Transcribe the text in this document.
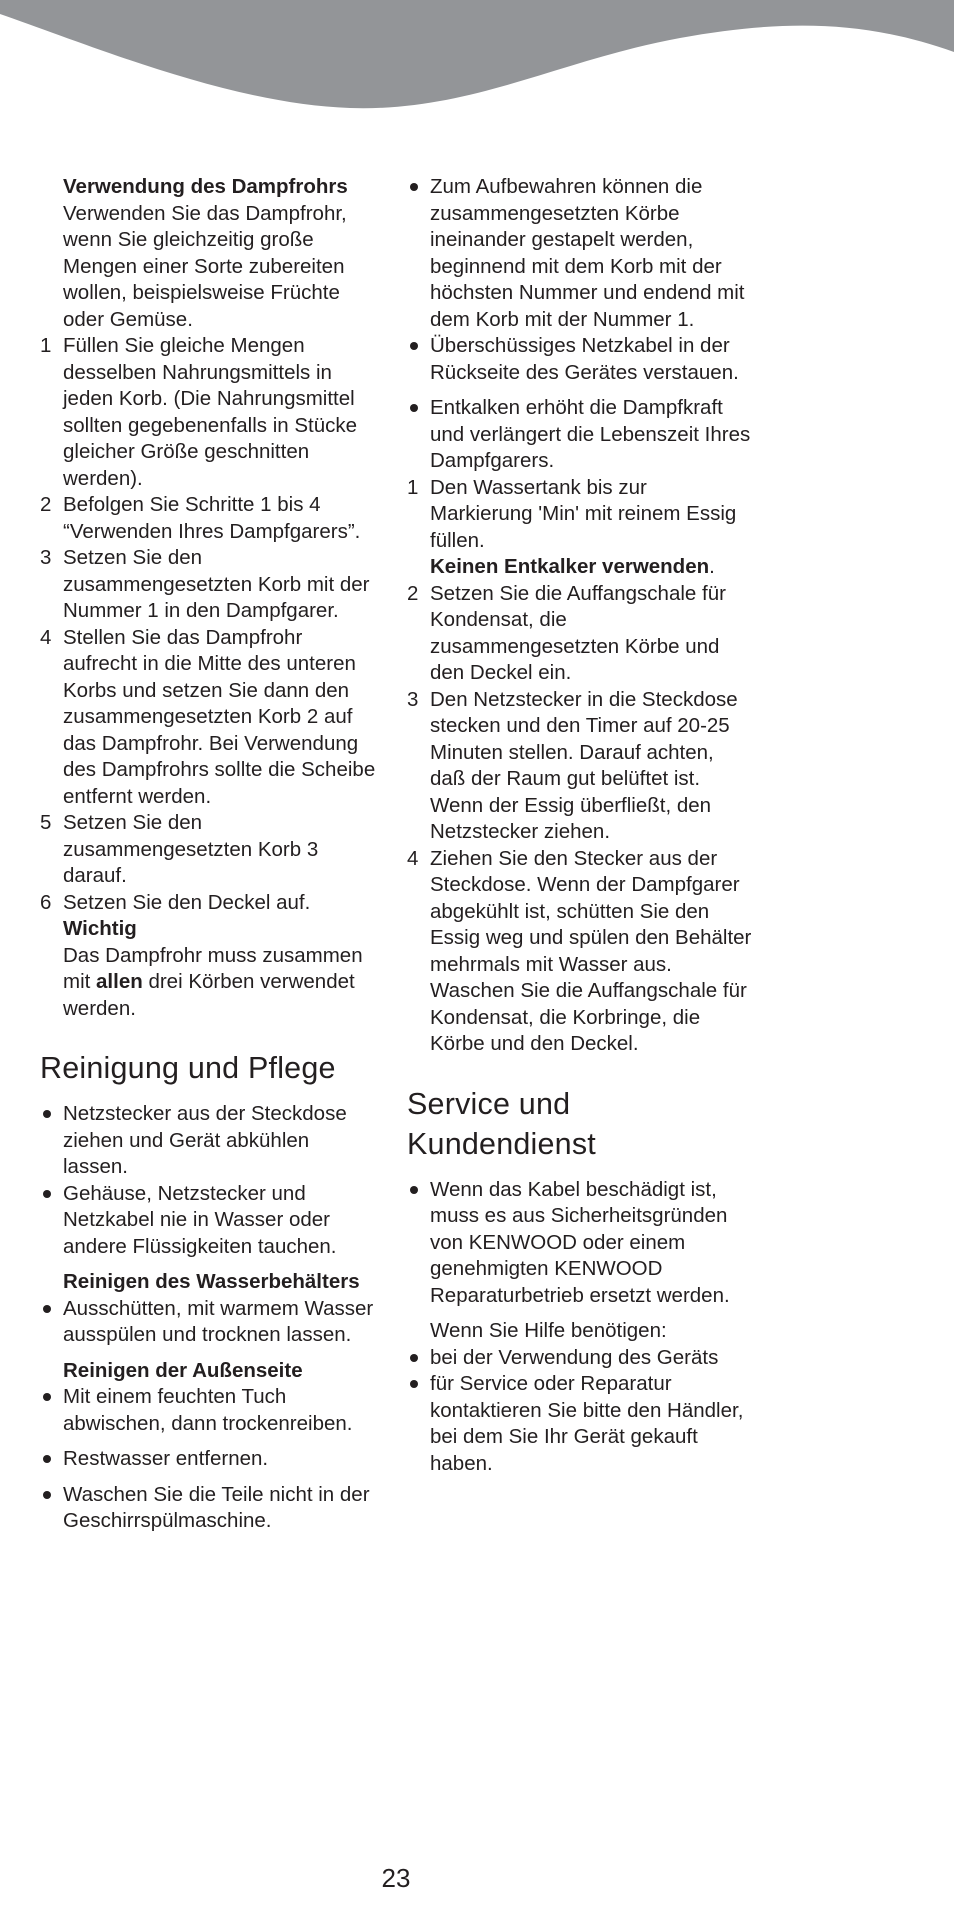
Verwendung des Dampfrohrs
Verwenden Sie das Dampfrohr, wenn Sie gleichzeitig große Mengen einer Sorte zubereiten wollen, beispielsweise Früchte oder Gemüse.
1 Füllen Sie gleiche Mengen desselben Nahrungsmittels in jeden Korb. (Die Nahrungsmittel sollten gegebenenfalls in Stücke gleicher Größe geschnitten werden).
2 Befolgen Sie Schritte 1 bis 4 “Verwenden Ihres Dampfgarers”.
3 Setzen Sie den zusammengesetzten Korb mit der Nummer 1 in den Dampfgarer.
4 Stellen Sie das Dampfrohr aufrecht in die Mitte des unteren Korbs und setzen Sie dann den zusammengesetzten Korb 2 auf das Dampfrohr. Bei Verwendung des Dampfrohrs sollte die Scheibe entfernt werden.
5 Setzen Sie den zusammengesetzten Korb 3 darauf.
6 Setzen Sie den Deckel auf.
Wichtig
Das Dampfrohr muss zusammen mit allen drei Körben verwendet werden.
Reinigung und Pflege
Netzstecker aus der Steckdose ziehen und Gerät abkühlen lassen.
Gehäuse, Netzstecker und Netzkabel nie in Wasser oder andere Flüssigkeiten tauchen.
Reinigen des Wasserbehälters
Ausschütten, mit warmem Wasser ausspülen und trocknen lassen.
Reinigen der Außenseite
Mit einem feuchten Tuch abwischen, dann trockenreiben.
Restwasser entfernen.
Waschen Sie die Teile nicht in der Geschirrspülmaschine.
Zum Aufbewahren können die zusammengesetzten Körbe ineinander gestapelt werden, beginnend mit dem Korb mit der höchsten Nummer und endend mit dem Korb mit der Nummer 1.
Überschüssiges Netzkabel in der Rückseite des Gerätes verstauen.
Entkalken erhöht die Dampfkraft und verlängert die Lebenszeit Ihres Dampfgarers.
1 Den Wassertank bis zur Markierung 'Min' mit reinem Essig füllen.
Keinen Entkalker verwenden.
2 Setzen Sie die Auffangschale für Kondensat, die zusammengesetzten Körbe und den Deckel ein.
3 Den Netzstecker in die Steckdose stecken und den Timer auf 20-25 Minuten stellen. Darauf achten, daß der Raum gut belüftet ist. Wenn der Essig überfließt, den Netzstecker ziehen.
4 Ziehen Sie den Stecker aus der Steckdose. Wenn der Dampfgarer abgekühlt ist, schütten Sie den Essig weg und spülen den Behälter mehrmals mit Wasser aus. Waschen Sie die Auffangschale für Kondensat, die Korbringe, die Körbe und den Deckel.
Service und Kundendienst
Wenn das Kabel beschädigt ist, muss es aus Sicherheitsgründen von KENWOOD oder einem genehmigten KENWOOD Reparaturbetrieb ersetzt werden.
Wenn Sie Hilfe benötigen:
bei der Verwendung des Geräts
für Service oder Reparatur kontaktieren Sie bitte den Händler, bei dem Sie Ihr Gerät gekauft haben.
23
